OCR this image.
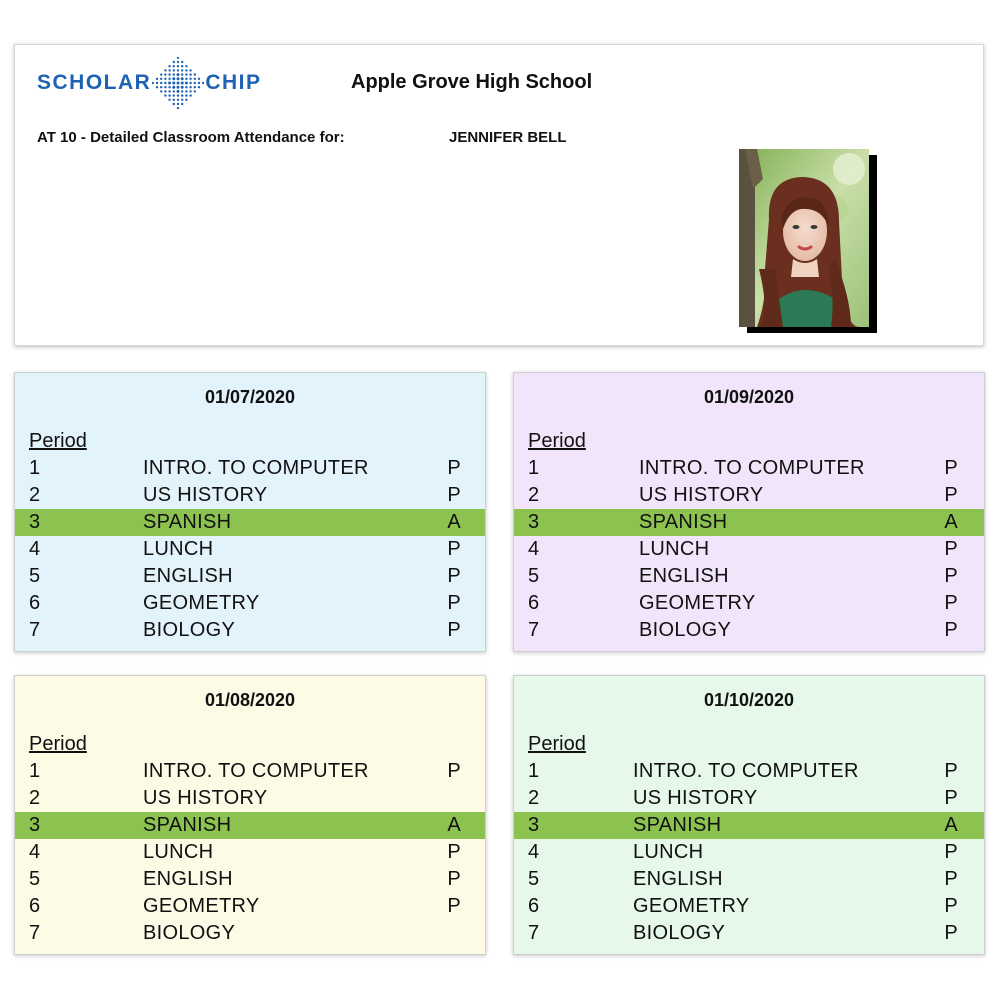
SCHOLAR	CHIP	Apple Grove High School
AT 10 - Detailed Classroom Attendance for:	JENNIFER BELL
01/07/2020
Period
1	INTRO. TO COMPUTER	P
2	US HISTORY	P
3	SPANISH	A
4	LUNCH	P
5	ENGLISH	P
6	GEOMETRY	P
7	BIOLOGY	P
01/09/2020
Period
1	INTRO. TO COMPUTER	P
2	US HISTORY	P
3	SPANISH	A
4	LUNCH	P
5	ENGLISH	P
6	GEOMETRY	P
7	BIOLOGY	P
01/08/2020
Period
1	INTRO. TO COMPUTER	P
2	US HISTORY
3	SPANISH	A
4	LUNCH	P
5	ENGLISH	P
6	GEOMETRY	P
7	BIOLOGY
01/10/2020
Period
1	INTRO. TO COMPUTER	P
2	US HISTORY	P
3	SPANISH	A
4	LUNCH	P
5	ENGLISH	P
6	GEOMETRY	P
7	BIOLOGY	P
